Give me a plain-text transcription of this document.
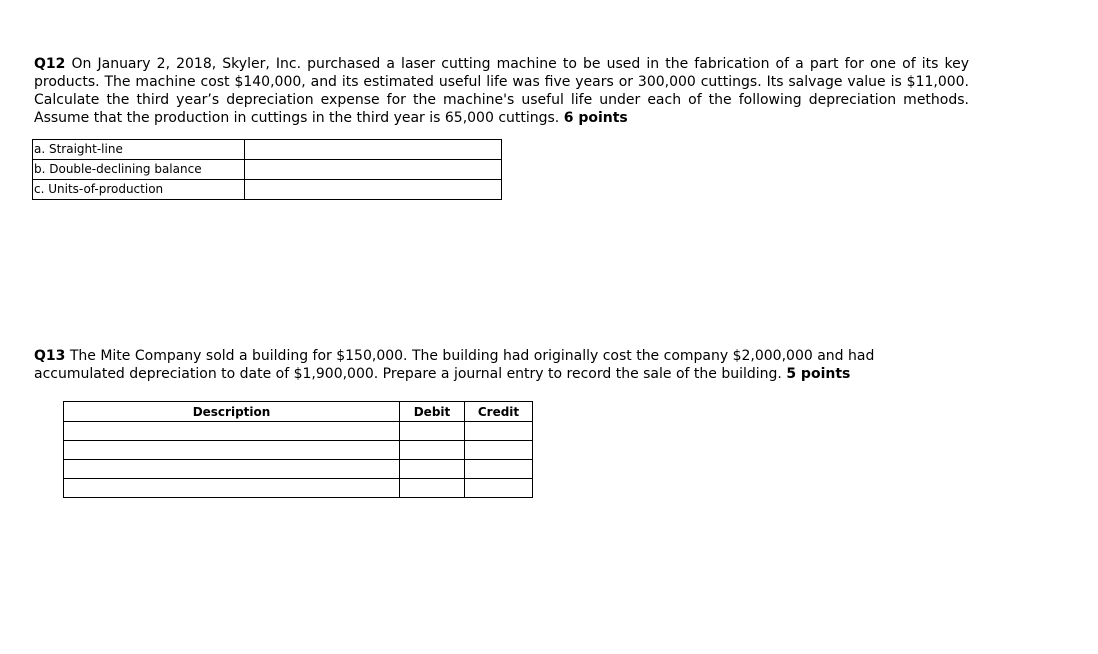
Q12 On January 2, 2018, Skyler, Inc. purchased a laser cutting machine to be used in the fabrication of a part for one of its key products. The machine cost $140,000, and its estimated useful life was five years or 300,000 cuttings. Its salvage value is $11,000. Calculate the third year’s depreciation expense for the machine's useful life under each of the following depreciation methods. Assume that the production in cuttings in the third year is 65,000 cuttings. 6 points
a. Straight-line	
b. Double-declining balance	
c. Units-of-production	
Q13 The Mite Company sold a building for $150,000. The building had originally cost the company $2,000,000 and had accumulated depreciation to date of $1,900,000. Prepare a journal entry to record the sale of the building. 5 points
Description	Debit	Credit
